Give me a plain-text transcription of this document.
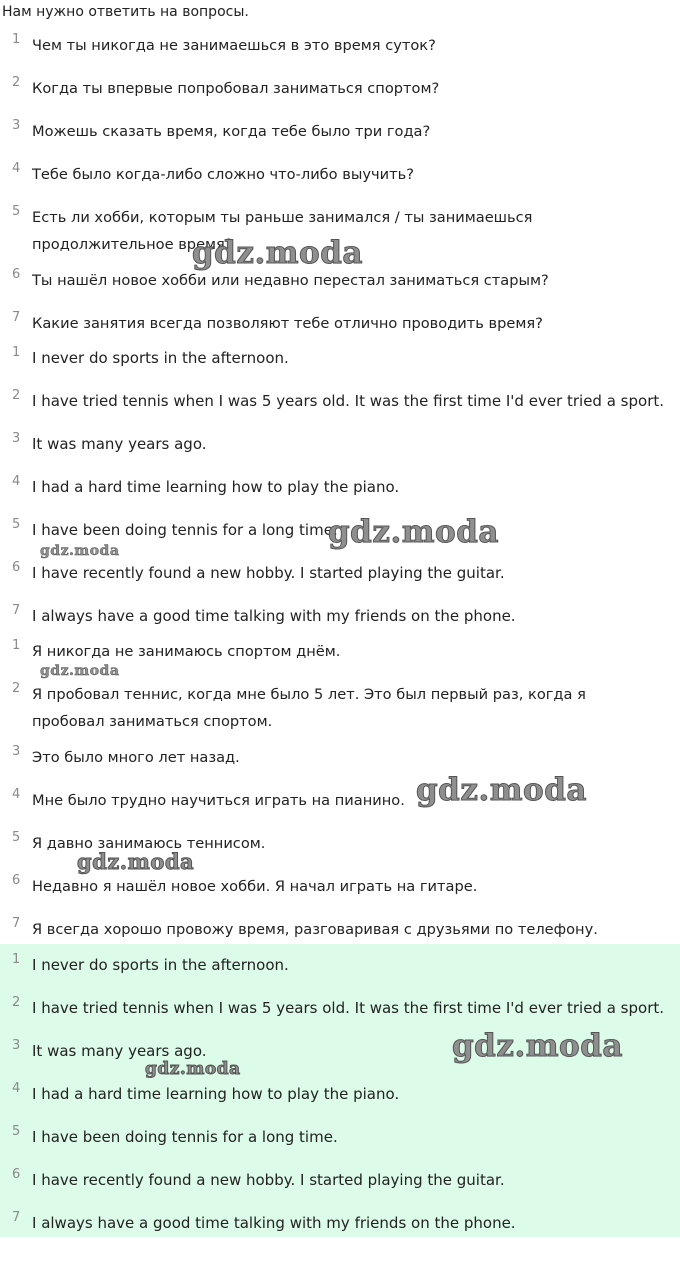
Нам нужно ответить на вопросы.
1 Чем ты никогда не занимаешься в это время суток?
2 Когда ты впервые попробовал заниматься спортом?
3 Можешь сказать время, когда тебе было три года?
4 Тебе было когда-либо сложно что-либо выучить?
5 Есть ли хобби, которым ты раньше занимался / ты занимаешься продолжительное время?
6 Ты нашёл новое хобби или недавно перестал заниматься старым?
7 Какие занятия всегда позволяют тебе отлично проводить время?
1 I never do sports in the afternoon.
2 I have tried tennis when I was 5 years old. It was the first time I'd ever tried a sport.
3 It was many years ago.
4 I had a hard time learning how to play the piano.
5 I have been doing tennis for a long time.
6 I have recently found a new hobby. I started playing the guitar.
7 I always have a good time talking with my friends on the phone.
1 Я никогда не занимаюсь спортом днём.
2 Я пробовал теннис, когда мне было 5 лет. Это был первый раз, когда я пробовал заниматься спортом.
3 Это было много лет назад.
4 Мне было трудно научиться играть на пианино.
5 Я давно занимаюсь теннисом.
6 Недавно я нашёл новое хобби. Я начал играть на гитаре.
7 Я всегда хорошо провожу время, разговаривая с друзьями по телефону.
1 I never do sports in the afternoon.
2 I have tried tennis when I was 5 years old. It was the first time I'd ever tried a sport.
3 It was many years ago.
4 I had a hard time learning how to play the piano.
5 I have been doing tennis for a long time.
6 I have recently found a new hobby. I started playing the guitar.
7 I always have a good time talking with my friends on the phone.
gdz.moda
gdz.moda
gdz.moda
gdz.moda
gdz.moda
gdz.moda
gdz.moda
gdz.moda
